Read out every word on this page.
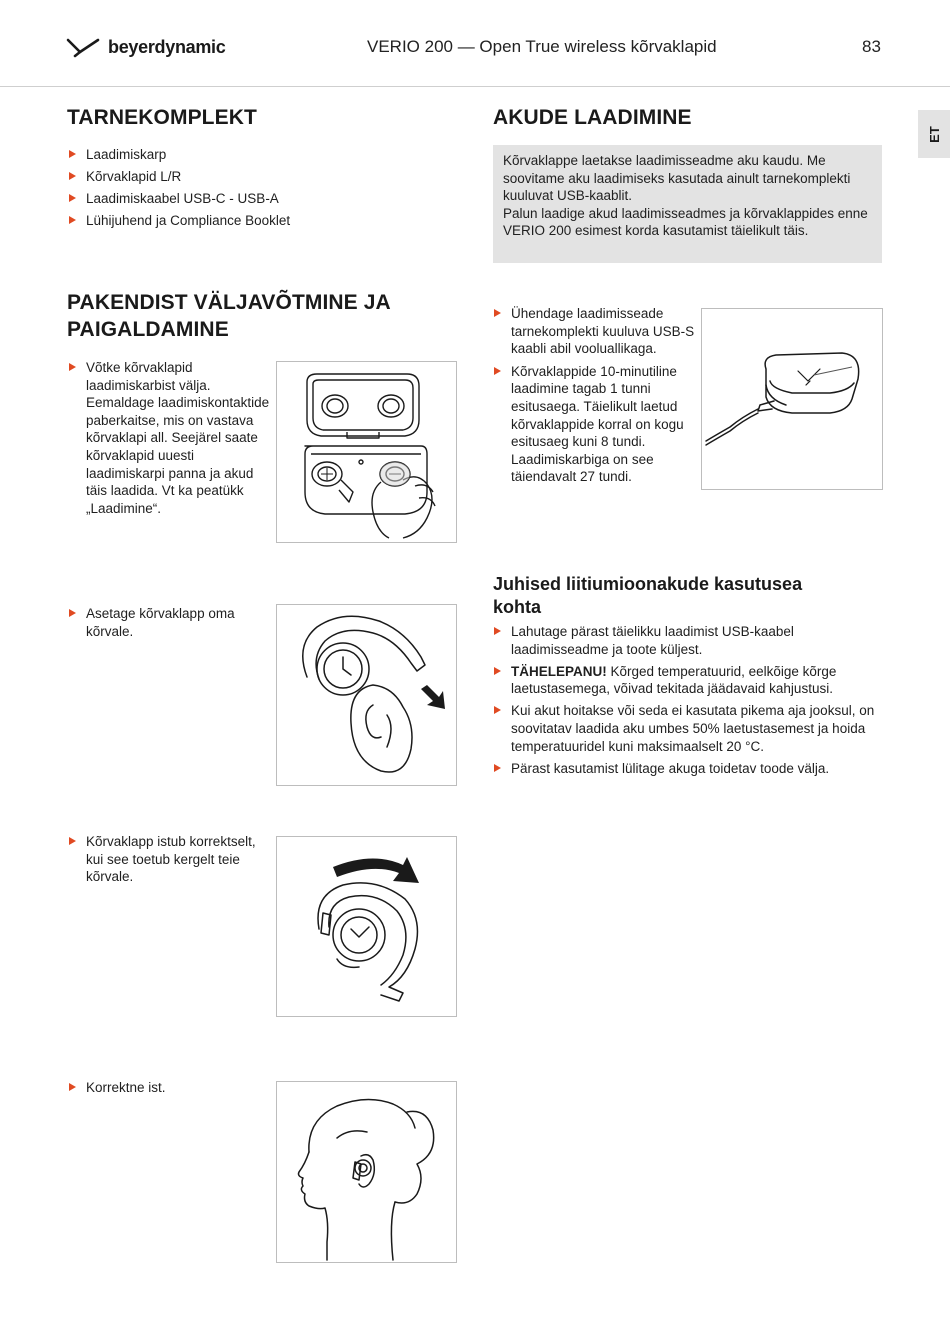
beyerdynamic	VERIO 200 — Open True wireless kõrvaklapid	83
ET
TARNEKOMPLEKT
Laadimiskarp
Kõrvaklapid L/R
Laadimiskaabel USB-C - USB-A
Lühijuhend ja Compliance Booklet
PAKENDIST VÄLJAVÕTMINE JA
PAIGALDAMINE
Võtke kõrvaklapid laadimiskarbist välja. Eemaldage laadimiskontaktide paberkaitse, mis on vastava kõrvaklapi all. Seejärel saate kõrvaklapid uuesti laadimiskarpi panna ja akud täis laadida. Vt ka peatükk „Laadimine“.
Asetage kõrvaklapp oma kõrvale.
Kõrvaklapp istub korrektselt, kui see toetub kergelt teie kõrvale.
Korrektne ist.
AKUDE LAADIMINE

Kõrvaklappe laetakse laadimisseadme aku kaudu. Me soovitame aku laadimiseks kasutada ainult tarnekomplekti kuuluvat USB-kaablit.

Palun laadige akud laadimisseadmes ja kõrvaklappides enne VERIO 200 esimest korda kasutamist täielikult täis.

Ühendage laadimisseade tarnekomplekti kuuluva USB-S kaabli abil vooluallikaga.
Kõrvaklappide 10-minutiline laadimine tagab 1 tunni esitusaega. Täielikult laetud kõrvaklappide korral on kogu esitusaeg kuni 8 tundi. Laadimiskarbiga on see täiendavalt 27 tundi.
Juhised liitiumioonakude kasutusea
kohta
Lahutage pärast täielikku laadimist USB-kaabel laadimisseadme ja toote küljest.
TÄHELEPANU! Kõrged temperatuurid, eelkõige kõrge laetustasemega, võivad tekitada jäädavaid kahjustusi.
Kui akut hoitakse või seda ei kasutata pikema aja jooksul, on soovitatav laadida aku umbes 50% laetustasemest ja hoida temperatuuridel kuni maksimaalselt 20 °C.
Pärast kasutamist lülitage akuga toidetav toode välja.
